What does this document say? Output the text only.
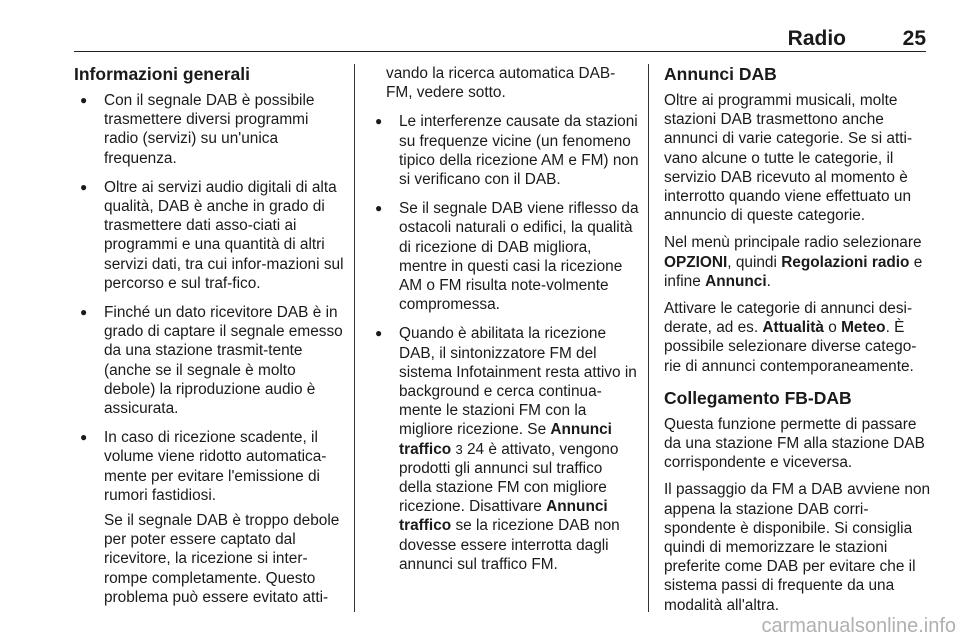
Radio	25
Informazioni generali
● Con il segnale DAB è possibile trasmettere diversi programmi radio (servizi) su un'unica frequenza.
● Oltre ai servizi audio digitali di alta qualità, DAB è anche in grado di trasmettere dati asso-ciati ai programmi e una quantità di altri servizi dati, tra cui infor-mazioni sul percorso e sul traf-fico.
● Finché un dato ricevitore DAB è in grado di captare il segnale emesso da una stazione trasmit-tente (anche se il segnale è molto debole) la riproduzione audio è assicurata.
● In caso di ricezione scadente, il volume viene ridotto automatica-mente per evitare l'emissione di rumori fastidiosi.

Se il segnale DAB è troppo debole per poter essere captato dal ricevitore, la ricezione si inter-rompe completamente. Questo problema può essere evitato atti-

vando la ricerca automatica DAB-FM, vedere sotto.
● Le interferenze causate da stazioni su frequenze vicine (un fenomeno tipico della ricezione AM e FM) non si verificano con il DAB.
● Se il segnale DAB viene riflesso da ostacoli naturali o edifici, la qualità di ricezione di DAB migliora, mentre in questi casi la ricezione AM o FM risulta note-volmente compromessa.
● Quando è abilitata la ricezione DAB, il sintonizzatore FM del sistema Infotainment resta attivo in background e cerca continua-mente le stazioni FM con la migliore ricezione. Se Annunci traffico 3 24 è attivato, vengono prodotti gli annunci sul traffico della stazione FM con migliore ricezione. Disattivare Annunci traffico se la ricezione DAB non dovesse essere interrotta dagli annunci sul traffico FM.
Annunci DAB

Oltre ai programmi musicali, molte stazioni DAB trasmettono anche annunci di varie categorie. Se si atti-vano alcune o tutte le categorie, il servizio DAB ricevuto al momento è interrotto quando viene effettuato un annuncio di queste categorie.

Nel menù principale radio selezionare OPZIONI, quindi Regolazioni radio e infine Annunci.

Attivare le categorie di annunci desi-derate, ad es. Attualità o Meteo. È possibile selezionare diverse catego-rie di annunci contemporaneamente.

Collegamento FB-DAB

Questa funzione permette di passare da una stazione FM alla stazione DAB corrispondente e viceversa.

Il passaggio da FM a DAB avviene non appena la stazione DAB corri-spondente è disponibile. Si consiglia quindi di memorizzare le stazioni preferite come DAB per evitare che il sistema passi di frequente da una modalità all'altra.

carmanualsonline.info
